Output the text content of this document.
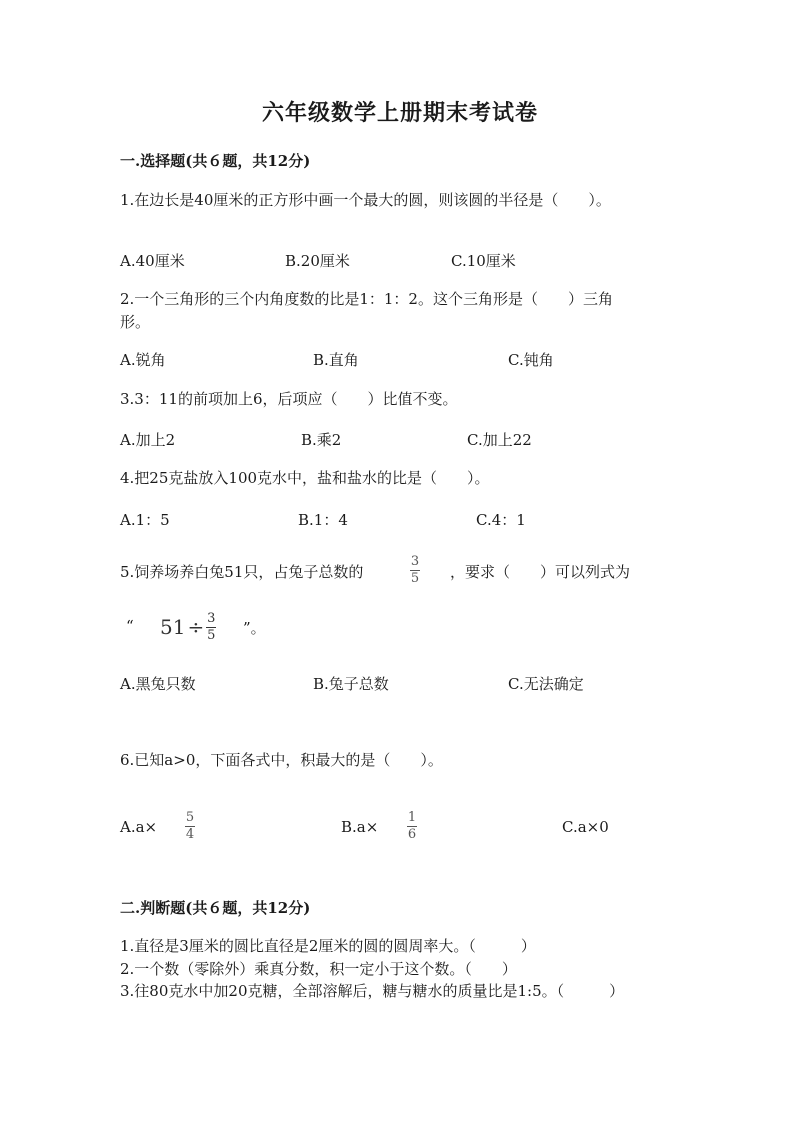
六年级数学上册期末考试卷
一.选择题(共６题，共12分)
1.在边长是40厘米的正方形中画一个最大的圆，则该圆的半径是（　　）。
A.40厘米	B.20厘米	C.10厘米
2.一个三角形的三个内角度数的比是1：1：2。这个三角形是（　　）三角
形。
A.锐角	B.直角	C.钝角
3.3：11的前项加上6，后项应（　　）比值不变。
A.加上2	B.乘2	C.加上22
4.把25克盐放入100克水中，盐和盐水的比是（　　）。
A.1：5	B.1：4	C.4：1
5.饲养场养白兔51只，占兔子总数的
3
5 ，要求（　　）可以列式为
“ $51 \div \frac{3}{5}$ ”。
A.黑兔只数	B.兔子总数	C.无法确定
6.已知a>0，下面各式中，积最大的是（　　）。
A.a×
5
4	B.a×
1
6	C.a×0
二.判断题(共６题，共12分)
1.直径是3厘米的圆比直径是2厘米的圆的圆周率大。（　　　）
2.一个数（零除外）乘真分数，积一定小于这个数。（　　）
3.往80克水中加20克糖，全部溶解后，糖与糖水的质量比是1:5。（　　　）
